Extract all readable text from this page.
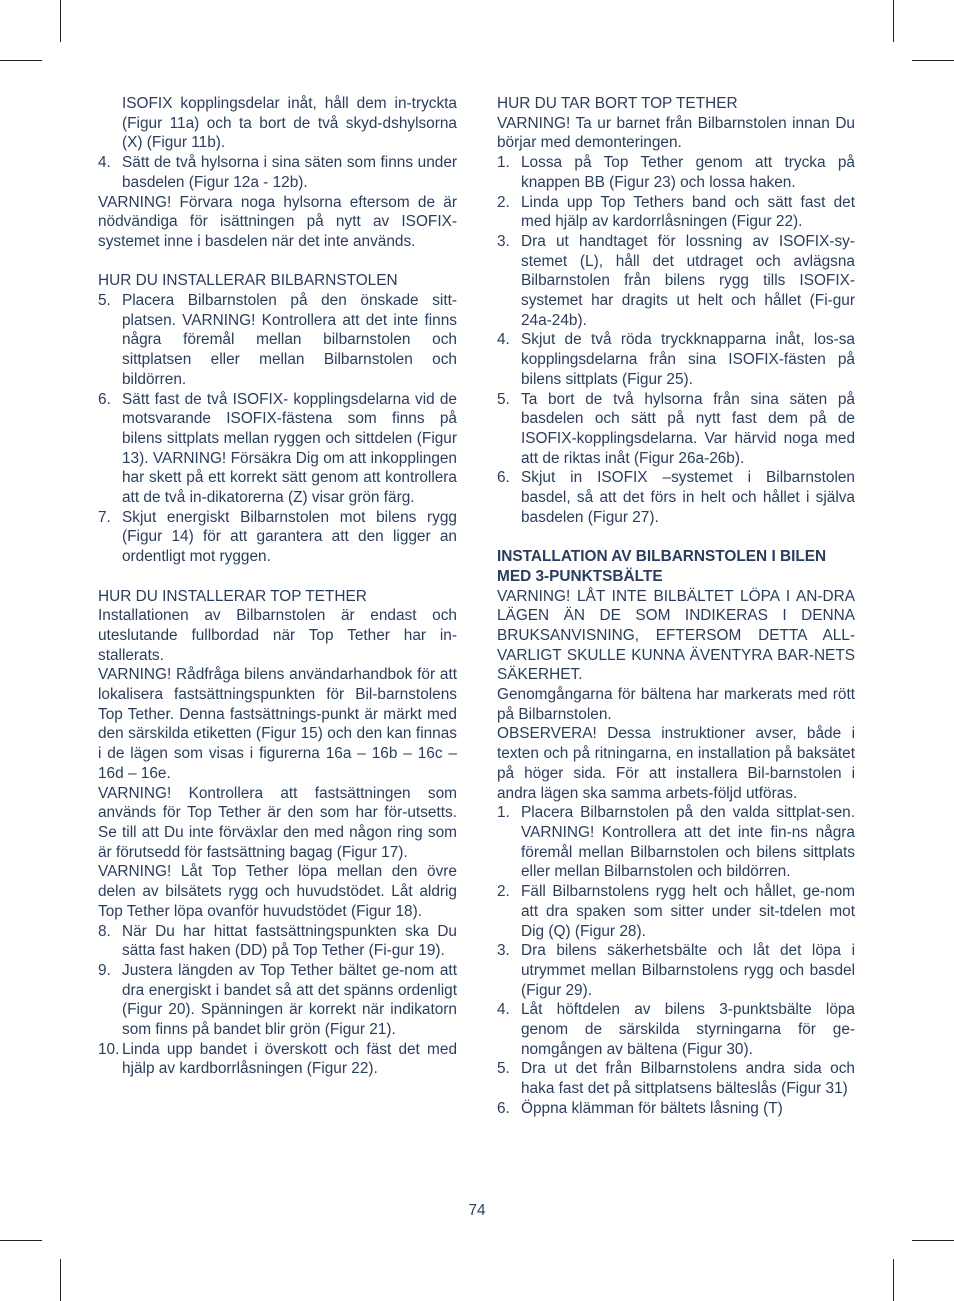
ISOFIX kopplingsdelar inåt, håll dem in-tryckta (Figur 11a) och ta bort de två skyd-dshylsorna (X) (Figur 11b).

4. Sätt de två hylsorna i sina säten som finns under basdelen (Figur 12a - 12b).

VARNING! Förvara noga hylsorna eftersom de är nödvändiga för isättningen på nytt av ISOFIX-systemet inne i basdelen när det inte används.

HUR DU INSTALLERAR BILBARNSTOLEN

5. Placera Bilbarnstolen på den önskade sitt-platsen. VARNING! Kontrollera att det inte finns några föremål mellan bilbarnstolen och sittplatsen eller mellan Bilbarnstolen och bildörren.
6. Sätt fast de två ISOFIX- kopplingsdelarna vid de motsvarande ISOFIX-fästena som finns på bilens sittplats mellan ryggen och sittdelen (Figur 13). VARNING! Försäkra Dig om att inkopplingen har skett på ett korrekt sätt genom att kontrollera att de två in-dikatorerna (Z) visar grön färg.
7. Skjut energiskt Bilbarnstolen mot bilens rygg (Figur 14) för att garantera att den ligger an ordentligt mot ryggen.

HUR DU INSTALLERAR TOP TETHER

Installationen av Bilbarnstolen är endast och uteslutande fullbordad när Top Tether har in-stallerats.

VARNING! Rådfråga bilens användarhandbok för att lokalisera fastsättningspunkten för Bil-barnstolens Top Tether. Denna fastsättnings-punkt är märkt med den särskilda etiketten (Figur 15) och den kan finnas i de lägen som visas i figurerna 16a – 16b – 16c – 16d – 16e.

VARNING! Kontrollera att fastsättningen som används för Top Tether är den som har för-utsetts. Se till att Du inte förväxlar den med någon ring som är förutsedd för fastsättning bagag (Figur 17).

VARNING! Låt Top Tether löpa mellan den övre delen av bilsätets rygg och huvudstödet. Låt aldrig Top Tether löpa ovanför huvudstödet (Figur 18).

8. När Du har hittat fastsättningspunkten ska Du sätta fast haken (DD) på Top Tether (Fi-gur 19).
9. Justera längden av Top Tether bältet ge-nom att dra energiskt i bandet så att det spänns ordenligt (Figur 20). Spänningen är korrekt när indikatorn som finns på bandet blir grön (Figur 21).
10. Linda upp bandet i överskott och fäst det med hjälp av kardborrlåsningen (Figur 22).

HUR DU TAR BORT TOP TETHER

VARNING! Ta ur barnet från Bilbarnstolen innan Du börjar med demonteringen.

1. Lossa på Top Tether genom att trycka på knappen BB (Figur 23) och lossa haken.
2. Linda upp Top Tethers band och sätt fast det med hjälp av kardorrlåsningen (Figur 22).
3. Dra ut handtaget för lossning av ISOFIX-sy-stemet (L), håll det utdraget och avlägsna Bilbarnstolen från bilens rygg tills ISOFIX-systemet har dragits ut helt och hållet (Fi-gur 24a-24b).
4. Skjut de två röda tryckknapparna inåt, los-sa kopplingsdelarna från sina ISOFIX-fästen på bilens sittplats (Figur 25).
5. Ta bort de två hylsorna från sina säten på basdelen och sätt på nytt fast dem på de ISOFIX-kopplingsdelarna. Var härvid noga med att de riktas inåt (Figur 26a-26b).
6. Skjut in ISOFIX –systemet i Bilbarnstolen basdel, så att det förs in helt och hållet i själva basdelen (Figur 27).

INSTALLATION AV BILBARNSTOLEN I BILEN MED 3-PUNKTSBÄLTE

VARNING! LÅT INTE BILBÄLTET LÖPA I AN-DRA LÄGEN ÄN DE SOM INDIKERAS I DENNA BRUKSANVISNING, EFTERSOM DETTA ALL-VARLIGT SKULLE KUNNA ÄVENTYRA BAR-NETS SÄKERHET.

Genomgångarna för bältena har markerats med rött på Bilbarnstolen.

OBSERVERA! Dessa instruktioner avser, både i texten och på ritningarna, en installation på baksätet på höger sida. För att installera Bil-barnstolen i andra lägen ska samma arbets-följd utföras.

1. Placera Bilbarnstolen på den valda sittplat-sen. VARNING! Kontrollera att det inte fin-ns några föremål mellan Bilbarnstolen och bilens sittplats eller mellan Bilbarnstolen och bildörren.
2. Fäll Bilbarnstolens rygg helt och hållet, ge-nom att dra spaken som sitter under sit-tdelen mot Dig (Q) (Figur 28).
3. Dra bilens säkerhetsbälte och låt det löpa i utrymmet mellan Bilbarnstolens rygg och basdel (Figur 29).
4. Låt höftdelen av bilens 3-punktsbälte löpa genom de särskilda styrningarna för ge-nomgången av bältena (Figur 30).
5. Dra ut det från Bilbarnstolens andra sida och haka fast det på sittplatsens bälteslås (Figur 31)
6. Öppna klämman för bältets låsning (T)
74
